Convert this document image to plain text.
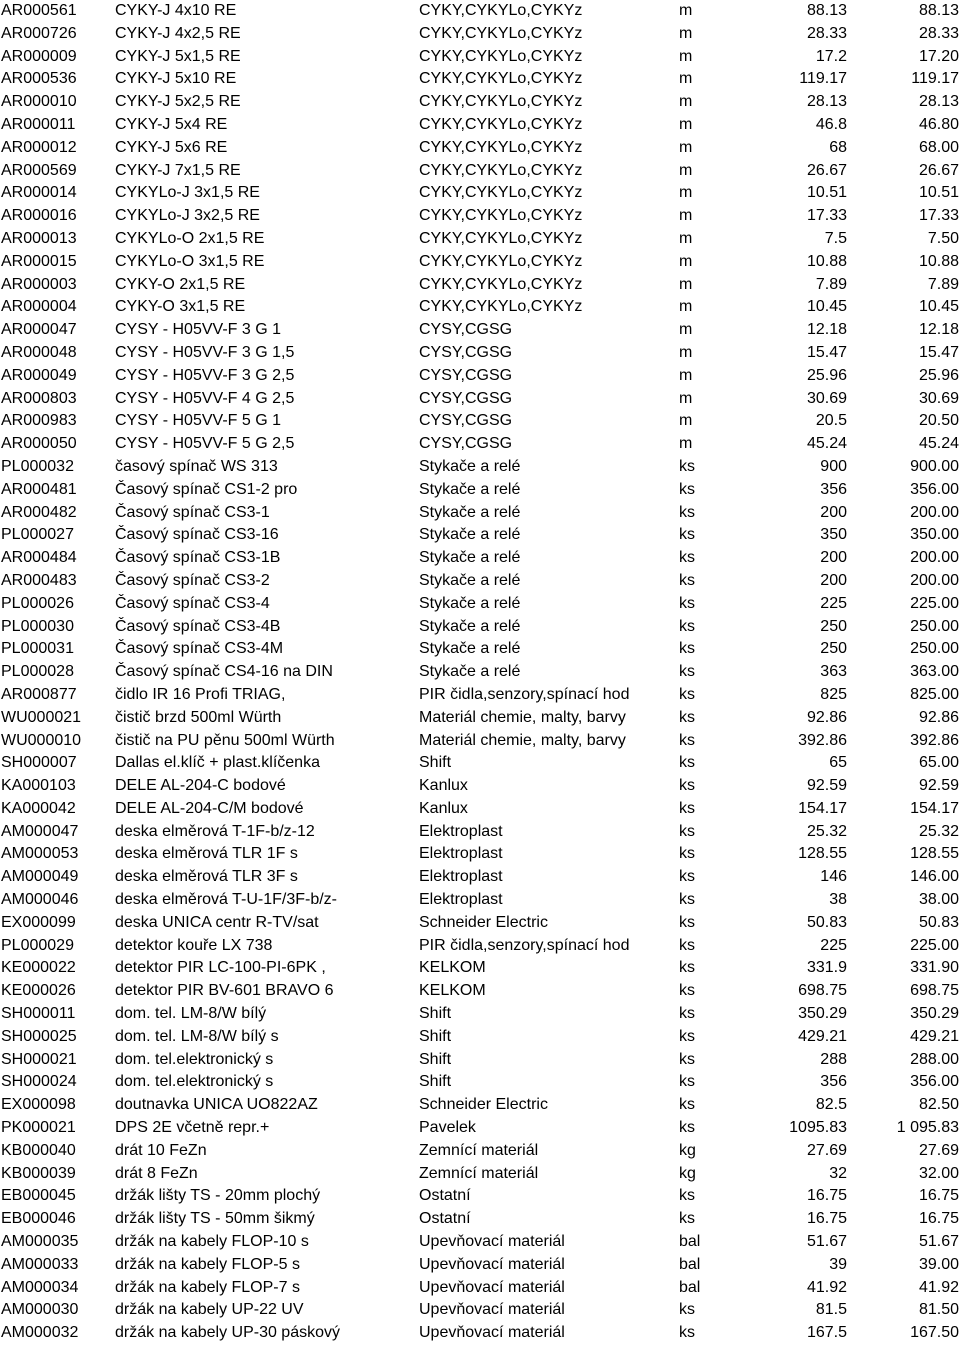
AR000561	CYKY-J 4x10 RE	CYKY,CYKYLo,CYKYz	m	88.13	88.13
AR000726	CYKY-J 4x2,5 RE	CYKY,CYKYLo,CYKYz	m	28.33	28.33
AR000009	CYKY-J 5x1,5 RE	CYKY,CYKYLo,CYKYz	m	17.2	17.20
AR000536	CYKY-J 5x10 RE	CYKY,CYKYLo,CYKYz	m	119.17	119.17
AR000010	CYKY-J 5x2,5 RE	CYKY,CYKYLo,CYKYz	m	28.13	28.13
AR000011	CYKY-J 5x4 RE	CYKY,CYKYLo,CYKYz	m	46.8	46.80
AR000012	CYKY-J 5x6 RE	CYKY,CYKYLo,CYKYz	m	68	68.00
AR000569	CYKY-J 7x1,5 RE	CYKY,CYKYLo,CYKYz	m	26.67	26.67
AR000014	CYKYLo-J 3x1,5 RE	CYKY,CYKYLo,CYKYz	m	10.51	10.51
AR000016	CYKYLo-J 3x2,5 RE	CYKY,CYKYLo,CYKYz	m	17.33	17.33
AR000013	CYKYLo-O 2x1,5 RE	CYKY,CYKYLo,CYKYz	m	7.5	7.50
AR000015	CYKYLo-O 3x1,5 RE	CYKY,CYKYLo,CYKYz	m	10.88	10.88
AR000003	CYKY-O 2x1,5 RE	CYKY,CYKYLo,CYKYz	m	7.89	7.89
AR000004	CYKY-O 3x1,5 RE	CYKY,CYKYLo,CYKYz	m	10.45	10.45
AR000047	CYSY - H05VV-F 3 G 1	CYSY,CGSG	m	12.18	12.18
AR000048	CYSY - H05VV-F 3 G 1,5	CYSY,CGSG	m	15.47	15.47
AR000049	CYSY - H05VV-F 3 G 2,5	CYSY,CGSG	m	25.96	25.96
AR000803	CYSY - H05VV-F 4 G 2,5	CYSY,CGSG	m	30.69	30.69
AR000983	CYSY - H05VV-F 5 G 1	CYSY,CGSG	m	20.5	20.50
AR000050	CYSY - H05VV-F 5 G 2,5	CYSY,CGSG	m	45.24	45.24
PL000032	časový spínač WS 313	Stykače a relé	ks	900	900.00
AR000481	Časový spínač CS1-2 pro	Stykače a relé	ks	356	356.00
AR000482	Časový spínač CS3-1	Stykače a relé	ks	200	200.00
PL000027	Časový spínač CS3-16	Stykače a relé	ks	350	350.00
AR000484	Časový spínač CS3-1B	Stykače a relé	ks	200	200.00
AR000483	Časový spínač CS3-2	Stykače a relé	ks	200	200.00
PL000026	Časový spínač CS3-4	Stykače a relé	ks	225	225.00
PL000030	Časový spínač CS3-4B	Stykače a relé	ks	250	250.00
PL000031	Časový spínač CS3-4M	Stykače a relé	ks	250	250.00
PL000028	Časový spínač CS4-16 na DIN	Stykače a relé	ks	363	363.00
AR000877	čidlo IR 16 Profi TRIAG,	PIR čidla,senzory,spínací hod	ks	825	825.00
WU000021	čistič brzd 500ml Würth	Materiál chemie, malty, barvy	ks	92.86	92.86
WU000010	čistič na PU pěnu 500ml Würth	Materiál chemie, malty, barvy	ks	392.86	392.86
SH000007	Dallas el.klíč + plast.klíčenka	Shift	ks	65	65.00
KA000103	DELE AL-204-C bodové	Kanlux	ks	92.59	92.59
KA000042	DELE AL-204-C/M bodové	Kanlux	ks	154.17	154.17
AM000047	deska elměrová T-1F-b/z-12	Elektroplast	ks	25.32	25.32
AM000053	deska elměrová TLR 1F s	Elektroplast	ks	128.55	128.55
AM000049	deska elměrová TLR 3F s	Elektroplast	ks	146	146.00
AM000046	deska elměrová T-U-1F/3F-b/z-	Elektroplast	ks	38	38.00
EX000099	deska UNICA centr R-TV/sat	Schneider Electric	ks	50.83	50.83
PL000029	detektor kouře LX 738	PIR čidla,senzory,spínací hod	ks	225	225.00
KE000022	detektor PIR LC-100-PI-6PK ,	KELKOM	ks	331.9	331.90
KE000026	detektor PIR BV-601 BRAVO 6	KELKOM	ks	698.75	698.75
SH000011	dom. tel. LM-8/W bílý	Shift	ks	350.29	350.29
SH000025	dom. tel. LM-8/W bílý s	Shift	ks	429.21	429.21
SH000021	dom. tel.elektronický s	Shift	ks	288	288.00
SH000024	dom. tel.elektronický s	Shift	ks	356	356.00
EX000098	doutnavka UNICA UO822AZ	Schneider Electric	ks	82.5	82.50
PK000021	DPS 2E včetně repr.+	Pavelek	ks	1095.83	1 095.83
KB000040	drát 10 FeZn	Zemnící materiál	kg	27.69	27.69
KB000039	drát 8 FeZn	Zemnící materiál	kg	32	32.00
EB000045	držák lišty TS - 20mm plochý	Ostatní	ks	16.75	16.75
EB000046	držák lišty TS - 50mm šikmý	Ostatní	ks	16.75	16.75
AM000035	držák na kabely FLOP-10 s	Upevňovací materiál	bal	51.67	51.67
AM000033	držák na kabely FLOP-5 s	Upevňovací materiál	bal	39	39.00
AM000034	držák na kabely FLOP-7 s	Upevňovací materiál	bal	41.92	41.92
AM000030	držák na kabely UP-22 UV	Upevňovací materiál	ks	81.5	81.50
AM000032	držák na kabely UP-30 páskový	Upevňovací materiál	ks	167.5	167.50
